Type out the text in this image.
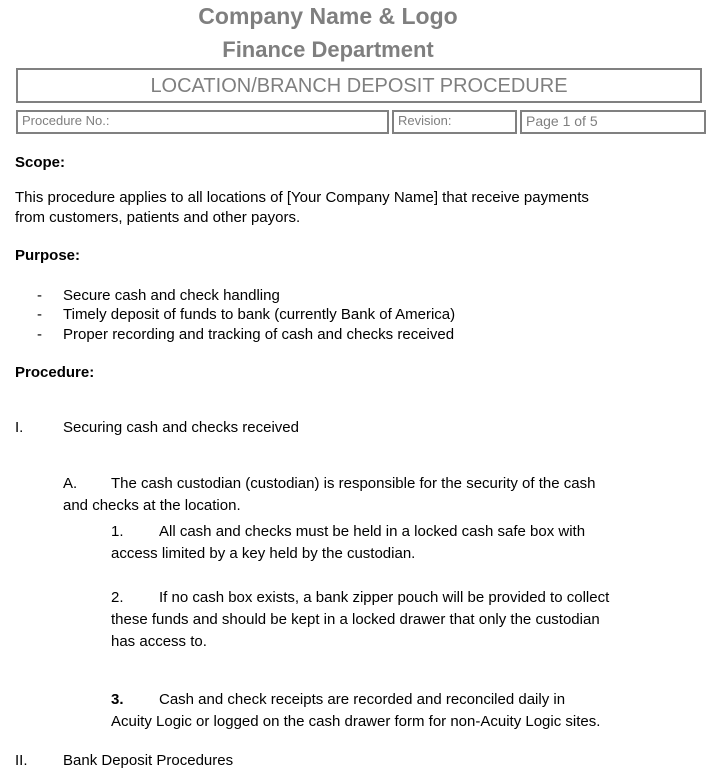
Company Name & Logo
Finance Department
LOCATION/BRANCH DEPOSIT PROCEDURE
Procedure No.:	Revision:	Page 1 of 5
Scope:
This procedure applies to all locations of [Your Company Name] that receive payments
from customers, patients and other payors.
Purpose:
- Secure cash and check handling
- Timely deposit of funds to bank (currently Bank of America)
- Proper recording and tracking of cash and checks received
Procedure:
I.	Securing cash and checks received
A. The cash custodian (custodian) is responsible for the security of the cash
and checks at the location.
1. All cash and checks must be held in a locked cash safe box with
access limited by a key held by the custodian.
2. If no cash box exists, a bank zipper pouch will be provided to collect
these funds and should be kept in a locked drawer that only the custodian
has access to.
3. Cash and check receipts are recorded and reconciled daily in
Acuity Logic or logged on the cash drawer form for non-Acuity Logic sites.
II. Bank Deposit Procedures
